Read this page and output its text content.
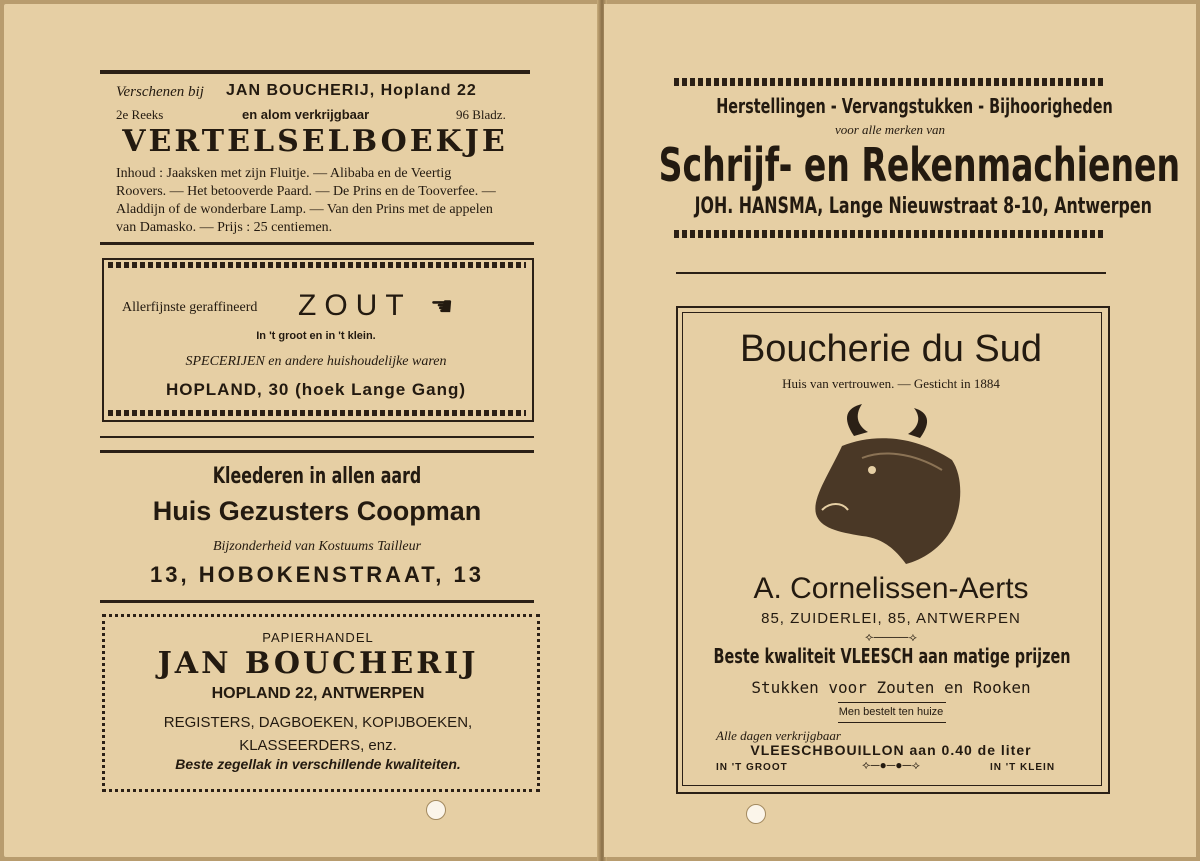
Verschenen bij JAN BOUCHERIJ, Hopland 22
2e Reeks	en alom verkrijgbaar	96 Bladz.
VERTELSELBOEKJE
Inhoud : Jaaksken met zijn Fluitje. — Alibaba en de Veertig
Roovers. — Het betooverde Paard. — De Prins en de Tooverfee. —
Aladdijn of de wonderbare Lamp. — Van den Prins met de appelen
van Damasko. — Prijs : 25 centiemen.
Allerfijnste geraffineerd ZOUT ☚
In 't groot en in 't klein.
SPECERIJEN en andere huishoudelijke waren
HOPLAND, 30 (hoek Lange Gang)
Kleederen in allen aard
Huis Gezusters Coopman
Bijzonderheid van Kostuums Tailleur
13, HOBOKENSTRAAT, 13
PAPIERHANDEL
JAN BOUCHERIJ
HOPLAND 22, ANTWERPEN
REGISTERS, DAGBOEKEN, KOPIJBOEKEN,
KLASSEERDERS, enz.
Beste zegellak in verschillende kwaliteiten.
Herstellingen - Vervangstukken - Bijhoorigheden
voor alle merken van
Schrijf- en Rekenmachienen
JOH. HANSMA, Lange Nieuwstraat 8-10, Antwerpen
Boucherie du Sud
Huis van vertrouwen. — Gesticht in 1884
A. Cornelissen-Aerts
85, ZUIDERLEI, 85, ANTWERPEN
⟣────⟢
Beste kwaliteit VLEESCH aan matige prijzen
Stukken voor Zouten en Rooken
Men bestelt ten huize
Alle dagen verkrijgbaar
VLEESCHBOUILLON aan 0.40 de liter
IN 'T GROOT	⟣─●─●─⟢	IN 'T KLEIN
